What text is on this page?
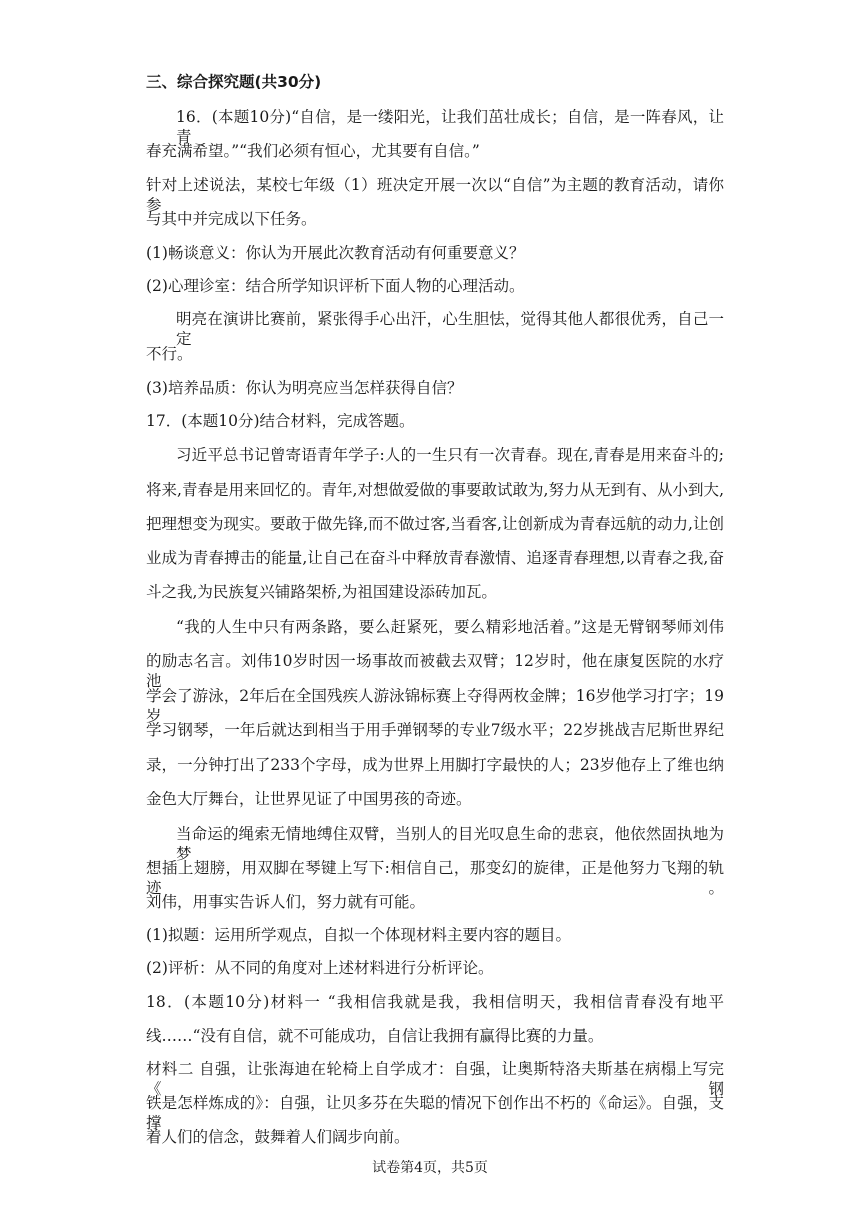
三、综合探究题(共30分)
16．(本题10分)“自信，是一缕阳光，让我们茁壮成长；自信，是一阵春风，让青
春充满希望。”“我们必须有恒心，尤其要有自信。”
针对上述说法，某校七年级（1）班决定开展一次以“自信”为主题的教育活动，请你参
与其中并完成以下任务。
(1)畅谈意义：你认为开展此次教育活动有何重要意义？
(2)心理诊室：结合所学知识评析下面人物的心理活动。
明亮在演讲比赛前，紧张得手心出汗，心生胆怯，觉得其他人都很优秀，自己一定
不行。
(3)培养品质：你认为明亮应当怎样获得自信？
17．(本题10分)结合材料，完成答题。
习近平总书记曾寄语青年学子:人的一生只有一次青春。现在,青春是用来奋斗的;
将来,青春是用来回忆的。青年,对想做爱做的事要敢试敢为,努力从无到有、从小到大,
把理想变为现实。要敢于做先锋,而不做过客,当看客,让创新成为青春远航的动力,让创
业成为青春搏击的能量,让自己在奋斗中释放青春激情、追逐青春理想,以青春之我,奋
斗之我,为民族复兴铺路架桥,为祖国建设添砖加瓦。
“我的人生中只有两条路，要么赶紧死，要么精彩地活着。”这是无臂钢琴师刘伟
的励志名言。刘伟10岁时因一场事故而被截去双臂；12岁时，他在康复医院的水疗池
学会了游泳，2年后在全国残疾人游泳锦标赛上夺得两枚金牌；16岁他学习打字；19 岁
学习钢琴，一年后就达到相当于用手弹钢琴的专业7级水平；22岁挑战吉尼斯世界纪
录，一分钟打出了233个字母，成为世界上用脚打字最快的人；23岁他存上了维也纳
金色大厅舞台，让世界见证了中国男孩的奇迹。
当命运的绳索无情地缚住双臂，当别人的目光叹息生命的悲哀，他依然固执地为梦
想插上翅膀，用双脚在琴键上写下:相信自己，那变幻的旋律，正是他努力飞翔的轨迹。
刘伟，用事实告诉人们，努力就有可能。
(1)拟题：运用所学观点，自拟一个体现材料主要内容的题目。
(2)评析：从不同的角度对上述材料进行分析评论。
18．(本题10分)材料一 “我相信我就是我，我相信明天，我相信青春没有地平
线……“没有自信，就不可能成功，自信让我拥有赢得比赛的力量。
材料二 自强，让张海迪在轮椅上自学成才：自强，让奥斯特洛夫斯基在病榻上写完《钢
铁是怎样炼成的》：自强，让贝多芬在失聪的情况下创作出不朽的《命运》。自强，支撑
着人们的信念，鼓舞着人们阔步向前。
试卷第4页，共5页
